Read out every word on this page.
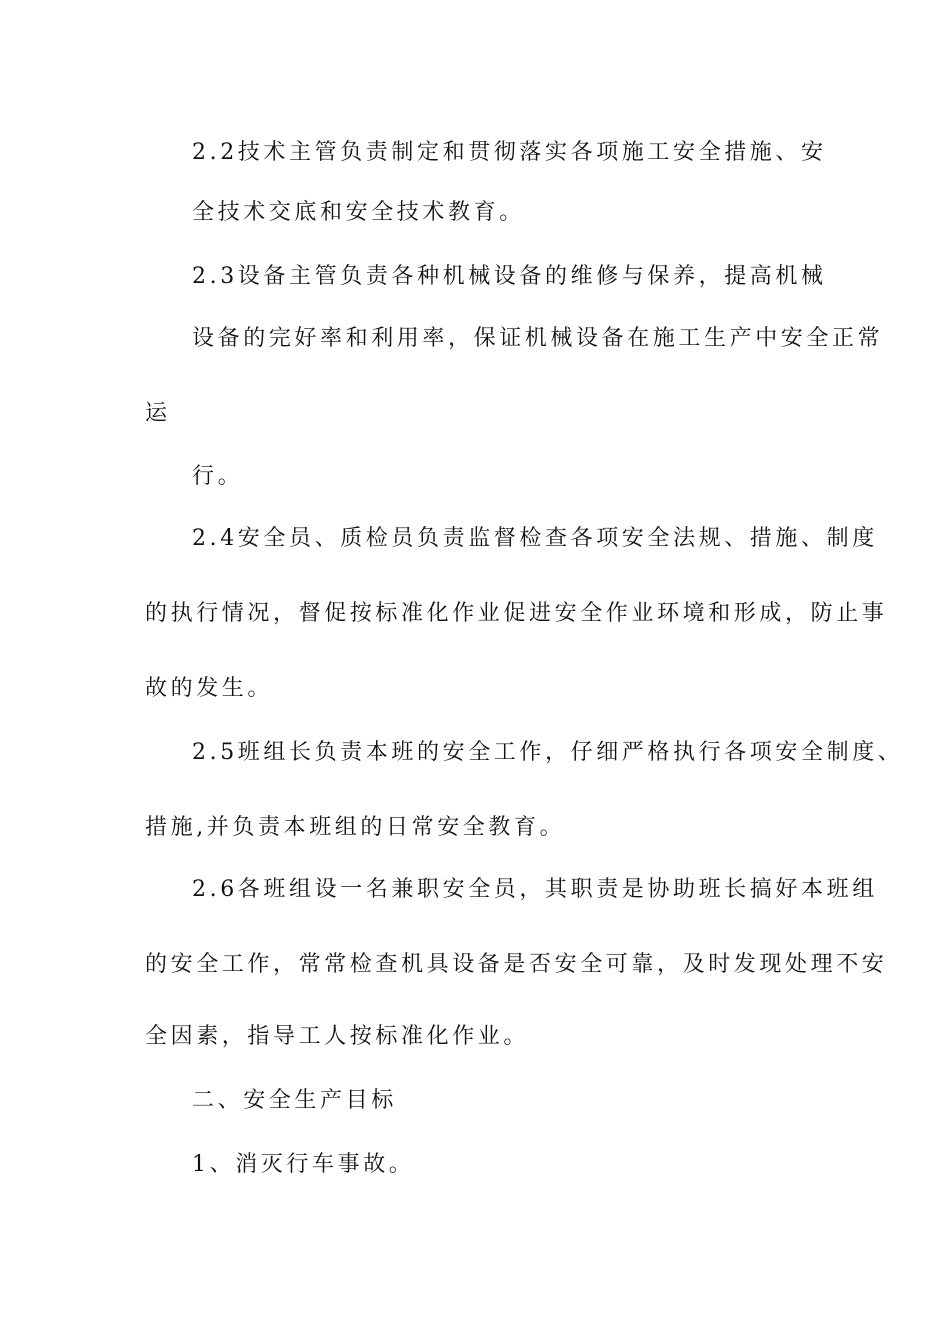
2.2技术主管负责制定和贯彻落实各项施工安全措施、安
全技术交底和安全技术教育。
2.3设备主管负责各种机械设备的维修与保养，提高机械
设备的完好率和利用率，保证机械设备在施工生产中安全正常
运
行。
2.4安全员、质检员负责监督检查各项安全法规、措施、制度
的执行情况，督促按标准化作业促进安全作业环境和形成，防止事
故的发生。
2.5班组长负责本班的安全工作，仔细严格执行各项安全制度、
措施,并负责本班组的日常安全教育。
2.6各班组设一名兼职安全员，其职责是协助班长搞好本班组
的安全工作，常常检查机具设备是否安全可靠，及时发现处理不安
全因素，指导工人按标准化作业。
二、安全生产目标
1、消灭行车事故。
